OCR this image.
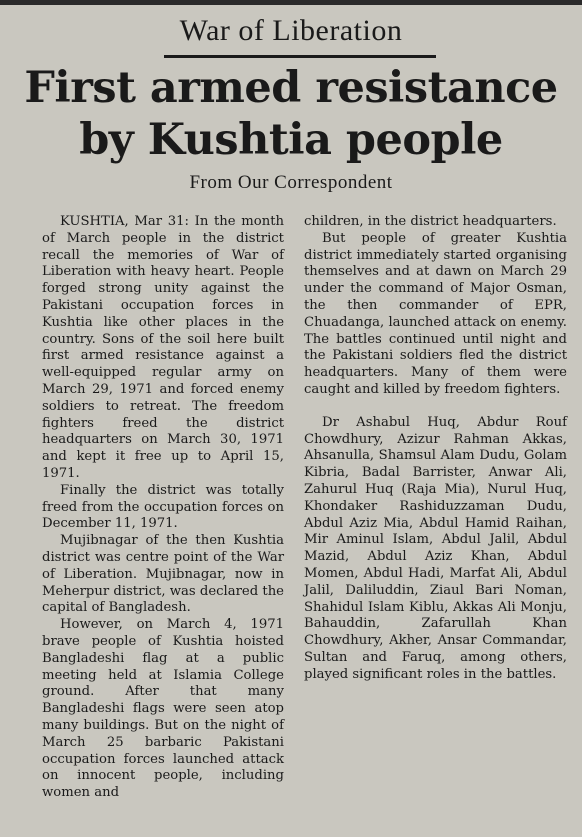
War of Liberation
First armed resistance
by Kushtia people
From Our Correspondent

KUSHTIA, Mar 31: In the month of March people in the district recall the memories of War of Liberation with heavy heart. People forged strong unity against the Pakistani occupation forces in Kushtia like other places in the country. Sons of the soil here built first armed resistance against a well-equipped regular army on March 29, 1971 and forced enemy soldiers to retreat. The freedom fighters freed the district headquarters on March 30, 1971 and kept it free up to April 15, 1971.

Finally the district was totally freed from the occupation forces on December 11, 1971.

Mujibnagar of the then Kushtia district was centre point of the War of Liberation. Mujibnagar, now in Meherpur district, was declared the capital of Bangladesh.

However, on March 4, 1971 brave people of Kushtia hoisted Bangladeshi flag at a public meeting held at Islamia College ground. After that many Bangladeshi flags were seen atop many buildings. But on the night of March 25 barbaric Pakistani occupation forces launched attack on innocent people, including women and

children, in the district headquarters.

But people of greater Kushtia district immediately started organising themselves and at dawn on March 29 under the command of Major Osman, the then commander of EPR, Chuadanga, launched attack on enemy. The battles continued until night and the Pakistani soldiers fled the district headquarters. Many of them were caught and killed by freedom fighters.

Dr Ashabul Huq, Abdur Rouf Chowdhury, Azizur Rahman Akkas, Ahsanulla, Shamsul Alam Dudu, Golam Kibria, Badal Barrister, Anwar Ali, Zahurul Huq (Raja Mia), Nurul Huq, Khondaker Rashiduzzaman Dudu, Abdul Aziz Mia, Abdul Hamid Raihan, Mir Aminul Islam, Abdul Jalil, Abdul Mazid, Abdul Aziz Khan, Abdul Momen, Abdul Hadi, Marfat Ali, Abdul Jalil, Daliluddin, Ziaul Bari Noman, Shahidul Islam Kiblu, Akkas Ali Monju, Bahauddin, Zafarullah Khan Chowdhury, Akher, Ansar Commandar, Sultan and Faruq, among others, played significant roles in the battles.
